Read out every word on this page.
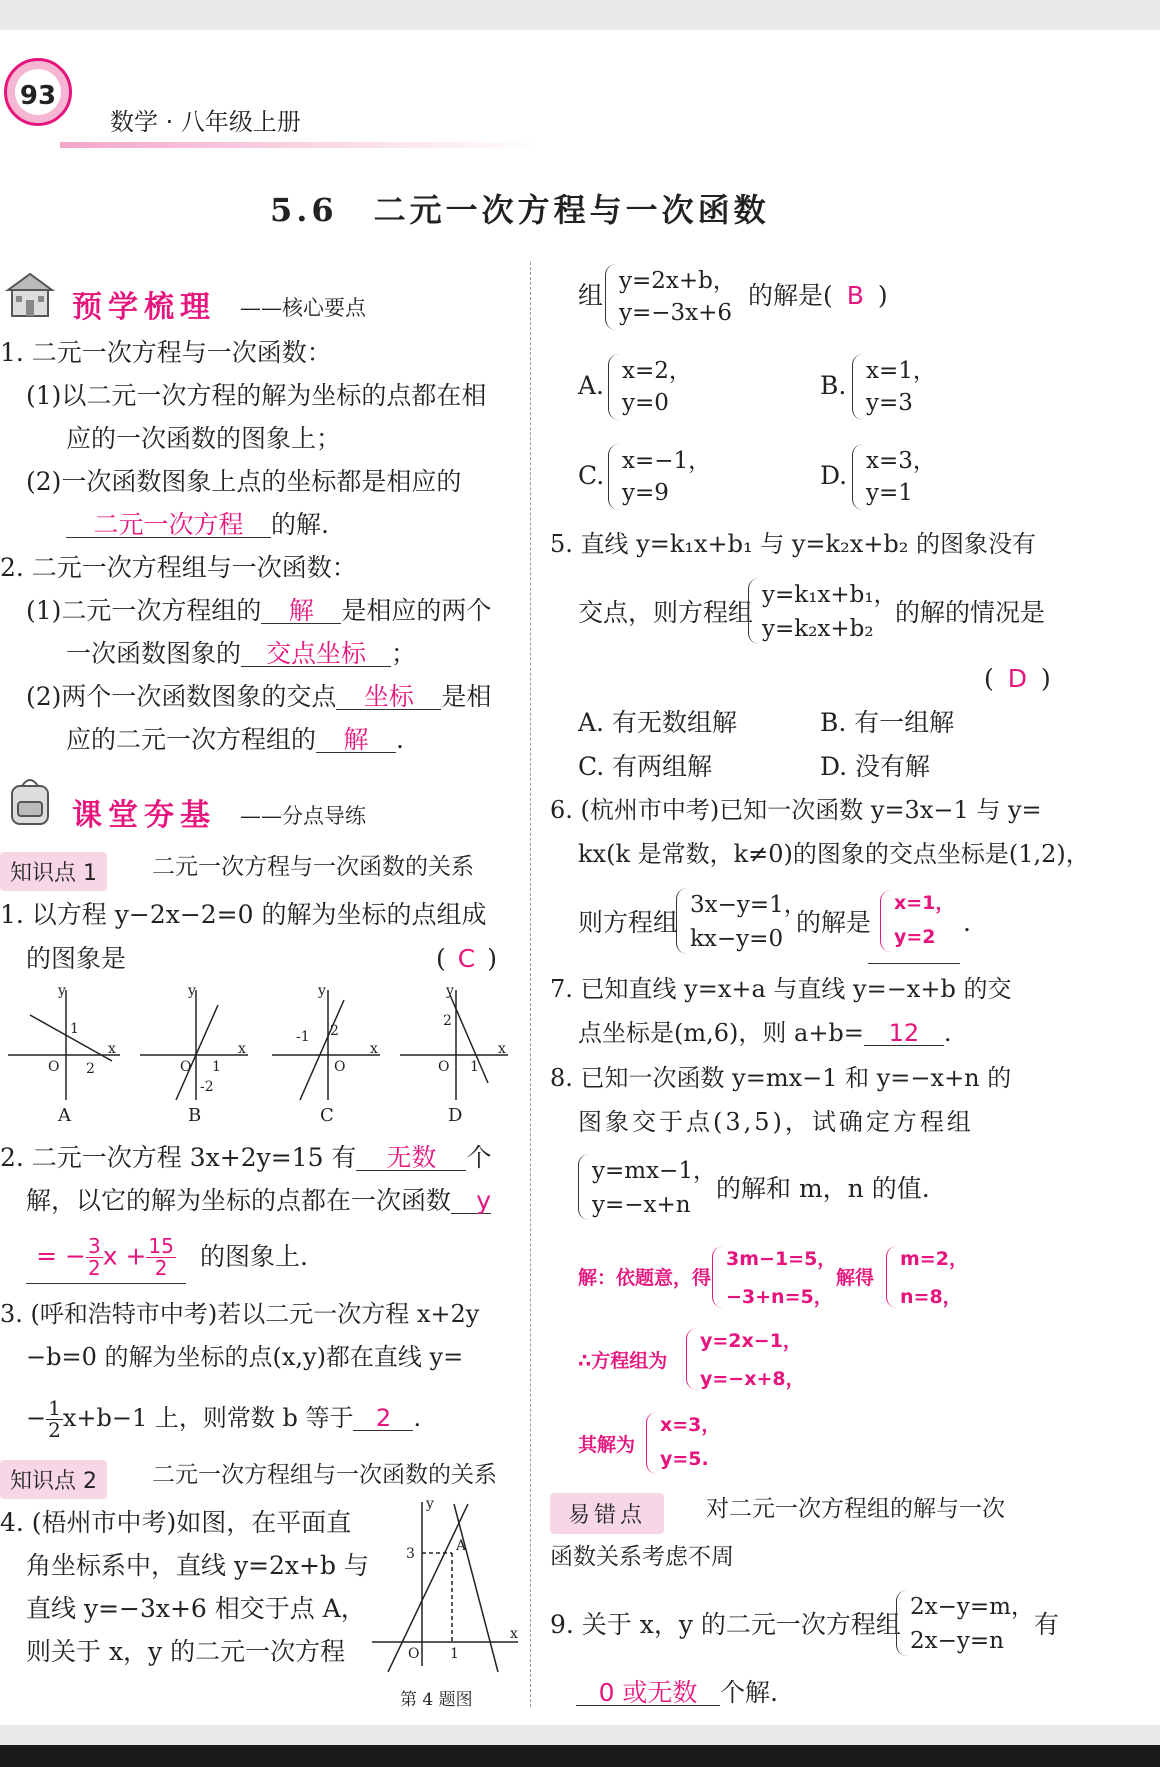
93
数学 · 八年级上册
5.6　二元一次方程与一次函数
预学梳理 ——核心要点
1. 二元一次方程与一次函数：
(1)以二元一次方程的解为坐标的点都在相
应的一次函数的图象上；
(2)一次函数图象上点的坐标都是相应的
二元一次方程 的解.
2. 二元一次方程组与一次函数：
(1)二元一次方程组的 解 是相应的两个
一次函数图象的 交点坐标 ；
(2)两个一次函数图象的交点 坐标 是相
应的二元一次方程组的 解 .
课堂夯基 ——分点导练
知识点 1	二元一次方程与一次函数的关系
1. 以方程 y−2x−2=0 的解为坐标的点组成
的图象是	( C )
y
x
O
1
2
y
x
O 1
-2
y
x
O
-1 2
y
x
O
2
1
A	B	C	D
2. 二元一次方程 3x+2y=15 有 无数 个
解，以它的解为坐标的点都在一次函数 y
= − $\frac{3}{2}$ $x + \frac{15}{2}$ 的图象上.
3. (呼和浩特市中考)若以二元一次方程 x+2y
−b=0 的解为坐标的点(x,y)都在直线 y=
− $\frac{1}{2} x+b-1$ 上，则常数 b 等于 2 .
知识点 2	二元一次方程组与一次函数的关系
4. (梧州市中考)如图，在平面直
角坐标系中，直线 y=2x+b 与
直线 y=−3x+6 相交于点 A，
则关于 x，y 的二元一次方程
y
x
O 1
3	A
第 4 题图
组 y=2x+b，
y=−3x+6
的解是( B )
A. x=2，
y=0
B. x=1，
y=3
C. x=−1，
y=9
D. x=3，
y=1
5. 直线 y=k₁x+b₁ 与 y=k₂x+b₂ 的图象没有
交点，则方程组
y=k₁x+b₁，
y=k₂x+b₂
的解的情况是
( D )
A. 有无数组解	B. 有一组解
C. 有两组解	D. 没有解
6. (杭州市中考)已知一次函数 y=3x−1 与 y=
kx(k 是常数，k≠0)的图象的交点坐标是(1,2)，
则方程组
3x−y=1，
kx−y=0
的解是
x=1，
y=2 .
7. 已知直线 y=x+a 与直线 y=−x+b 的交
点坐标是(m,6)，则 a+b= 12 .
8. 已知一次函数 y=mx−1 和 y=−x+n 的
图象交于点(3,5)，试确定方程组
y=mx−1，
y=−x+n
的解和 m，n 的值.
解：依题意，得
3m−1=5，
−3+n=5，
解得
m=2，
n=8，
∴方程组为
y=2x−1，
y=−x+8，
其解为
x=3，
y=5.
易错点	对二元一次方程组的解与一次
函数关系考虑不周
9. 关于 x，y 的二元一次方程组
2x−y=m，
2x−y=n
有
0 或无数 个解.
